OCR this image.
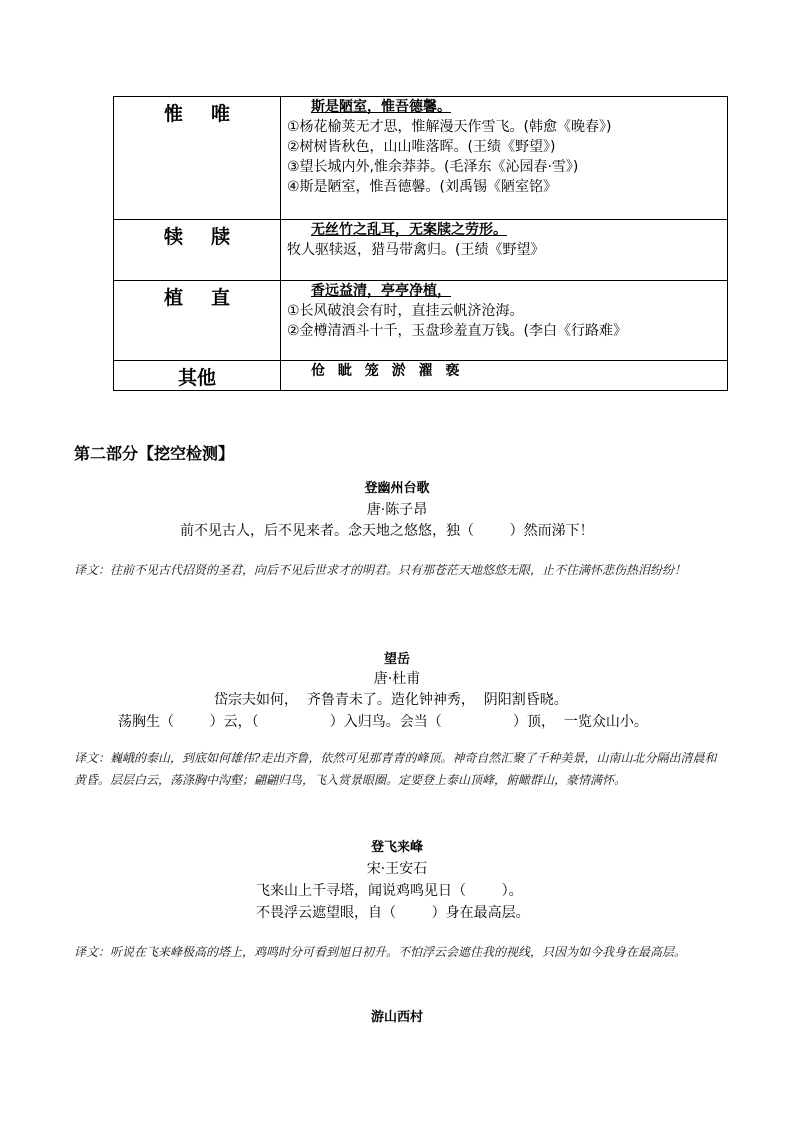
惟 唯	斯是陋室，惟吾德馨。
①杨花榆荚无才思，惟解漫天作雪飞。(韩愈《晚春》)
②树树皆秋色，山山唯落晖。(王绩《野望》)
③望长城内外,惟余莽莽。(毛泽东《沁园春·雪》)
④斯是陋室，惟吾德馨。(刘禹锡《陋室铭》

犊 牍	无丝竹之乱耳，无案牍之劳形。
牧人驱犊返，猎马带禽归。(王绩《野望》

植 直	香远益清，亭亭净植，
①长风破浪会有时，直挂云帆济沧海。
②金樽清酒斗十千，玉盘珍羞直万钱。(李白《行路难》

其他	伧 眦 笼 淤 濯 亵
第二部分【挖空检测】
登幽州台歌
唐·陈子昂
前不见古人，后不见来者。念天地之悠悠，独（        ）然而涕下！
译文：往前不见古代招贤的圣君，向后不见后世求才的明君。只有那苍茫天地悠悠无限，止不住满怀悲伤热泪纷纷！
望岳
唐·杜甫
岱宗夫如何，  齐鲁青未了。造化钟神秀，  阴阳割昏晓。
荡胸生（        ）云，（                ）入归鸟。会当（                ）顶，  一览众山小。
译文：巍峨的泰山，到底如何雄伟?走出齐鲁，依然可见那青青的峰顶。神奇自然汇聚了千种美景，山南山北分隔出清晨和黄昏。层层白云，荡涤胸中沟壑；翩翩归鸟，飞入赏景眼圈。定要登上泰山顶峰，俯瞰群山，豪情满怀。
登飞来峰
宋·王安石
飞来山上千寻塔，闻说鸡鸣见日（        ）。
不畏浮云遮望眼，自（        ）身在最高层。
译文：听说在飞来峰极高的塔上，鸡鸣时分可看到旭日初升。不怕浮云会遮住我的视线，只因为如今我身在最高层。
游山西村
